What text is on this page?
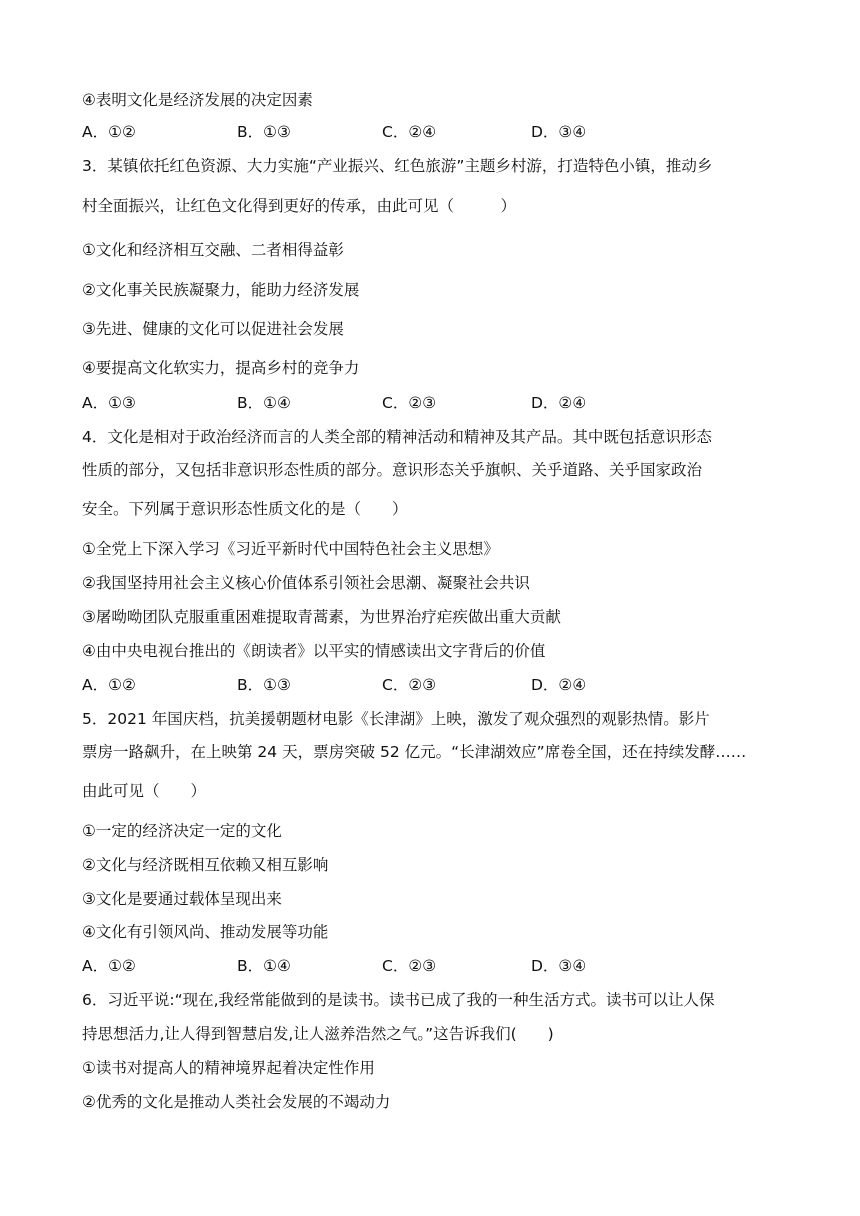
④表明文化是经济发展的决定因素
A．①②	B．①③	C．②④	D．③④
3．某镇依托红色资源、大力实施“产业振兴、红色旅游”主题乡村游，打造特色小镇，推动乡
村全面振兴，让红色文化得到更好的传承，由此可见（　　　）
①文化和经济相互交融、二者相得益彰
②文化事关民族凝聚力，能助力经济发展
③先进、健康的文化可以促进社会发展
④要提高文化软实力，提高乡村的竞争力
A．①③	B．①④	C．②③	D．②④
4．文化是相对于政治经济而言的人类全部的精神活动和精神及其产品。其中既包括意识形态
性质的部分，又包括非意识形态性质的部分。意识形态关乎旗帜、关乎道路、关乎国家政治
安全。下列属于意识形态性质文化的是（　　）
①全党上下深入学习《习近平新时代中国特色社会主义思想》
②我国坚持用社会主义核心价值体系引领社会思潮、凝聚社会共识
③屠呦呦团队克服重重困难提取青蒿素，为世界治疗疟疾做出重大贡献
④由中央电视台推出的《朗读者》以平实的情感读出文字背后的价值
A．①②	B．①③	C．②③	D．②④
5．2021 年国庆档，抗美援朝题材电影《长津湖》上映，激发了观众强烈的观影热情。影片
票房一路飙升，在上映第 24 天，票房突破 52 亿元。“长津湖效应”席卷全国，还在持续发酵……
由此可见（　　）
①一定的经济决定一定的文化
②文化与经济既相互依赖又相互影响
③文化是要通过载体呈现出来
④文化有引领风尚、推动发展等功能
A．①②	B．①④	C．②③	D．③④
6．习近平说:“现在,我经常能做到的是读书。读书已成了我的一种生活方式。读书可以让人保
持思想活力,让人得到智慧启发,让人滋养浩然之气。”这告诉我们(　　)
①读书对提高人的精神境界起着决定性作用
②优秀的文化是推动人类社会发展的不竭动力
